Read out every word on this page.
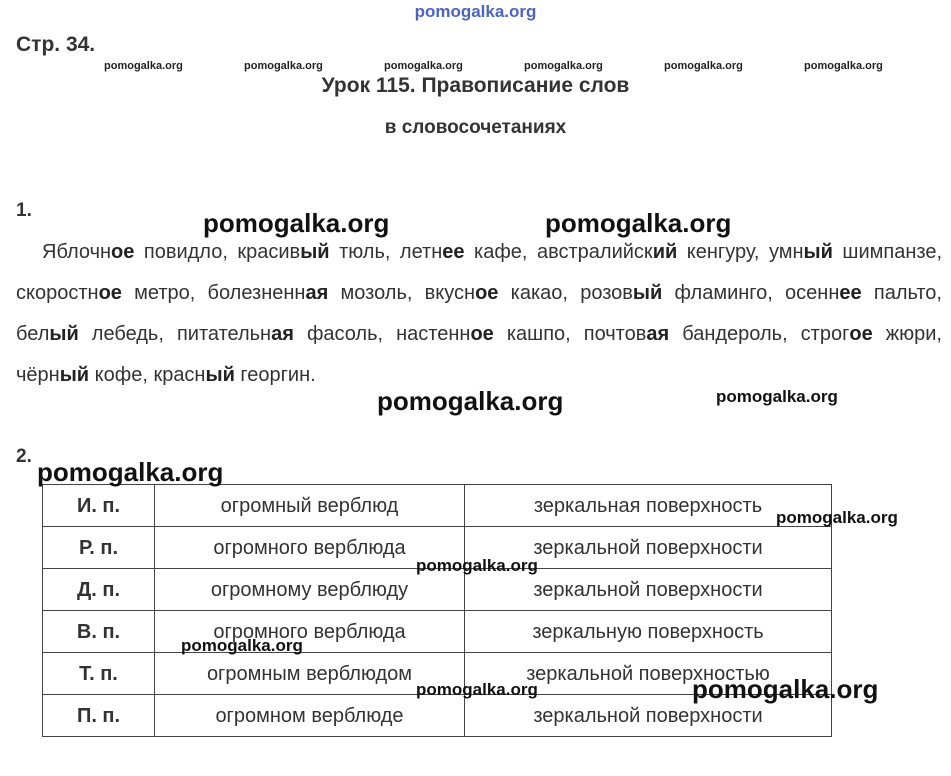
pomogalka.org
Стр. 34.
pomogalka.org	pomogalka.org	pomogalka.org	pomogalka.org	pomogalka.org	pomogalka.org
Урок 115. Правописание слов
в словосочетаниях
1.
Яблочное повидло, красивый тюль, летнее кафе, австралийский кенгуру, умный шимпанзе, скоростное метро, болезненная мозоль, вкусное какао, розовый фламинго, осеннее пальто, белый лебедь, питательная фасоль, настенное кашпо, почтовая бандероль, строгое жюри, чёрный кофе, красный георгин.
pomogalka.org	pomogalka.org
pomogalka.org	pomogalka.org
2.
И. п.	огромный верблюд	зеркальная поверхность
Р. п.	огромного верблюда	зеркальной поверхности
Д. п.	огромному верблюду	зеркальной поверхности
В. п.	огромного верблюда	зеркальную поверхность
Т. п.	огромным верблюдом	зеркальной поверхностью
П. п.	огромном верблюде	зеркальной поверхности
pomogalka.org
pomogalka.org
pomogalka.org
pomogalka.org
pomogalka.org	pomogalka.org
